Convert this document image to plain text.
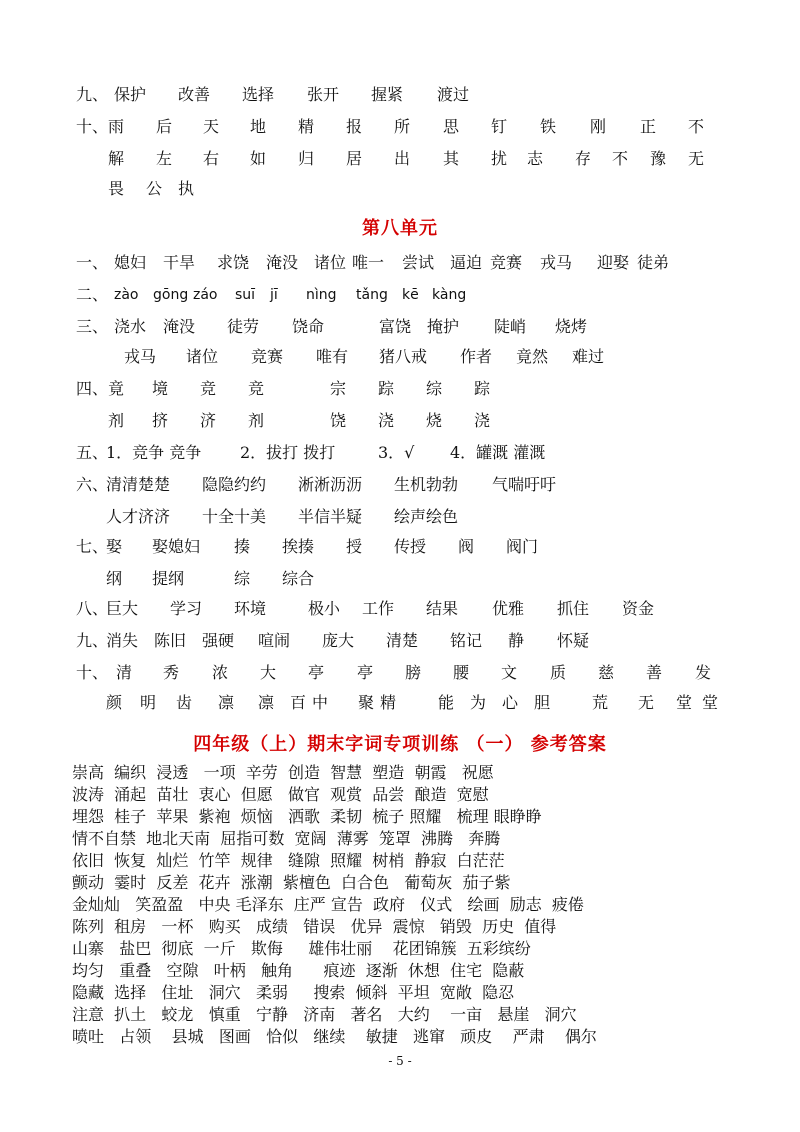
九、 保护 改善 选择 张开 握紧 渡过
十、 雨 后 天 地 精 报 所 思 钉 铁 刚 正 不
解 左 右 如 归 居 出 其 扰 志 存 不 豫 无
畏 公 执
第八单元
一、 媳妇 干旱 求饶 淹没 诸位 唯一 尝试 逼迫 竞赛 戎马 迎娶 徒弟
二、 zào gōng záo suī jī nìng tǎng kē kàng
三、 浇水 淹没 徒劳 饶命	富饶 掩护 陡峭 烧烤
戎马 诸位 竞赛 唯有 猪八戒 作者 竟然 难过
四、 竟 境 竞 竞	宗 踪 综 踪
剂 挤 济 剂	饶 浇 烧 浇
五、
1．竞争 竞争 2．拔打 拨打	3．√ 4．罐溉 灌溉
六、
清清楚楚 隐隐约约 淅淅沥沥 生机勃勃 气喘吁吁
人才济济 十全十美 半信半疑 绘声绘色
七、
娶 娶媳妇 揍 挨揍 授 传授 阀 阀门
纲 提纲	综 综合
八、
巨大 学习 环境	极小 工作 结果 优雅 抓住 资金
九、
消失 陈旧 强硬 喧闹 庞大 清楚 铭记 静 怀疑
十、 清 秀 浓 大 亭 亭 膀 腰 文 质 慈 善 发
颜 明 齿 凛 凛 百 中 聚 精	能 为 心 胆	荒 无 堂 堂
四年级（上）期末字词专项训练 （一） 参考答案
崇高  编织  浸透   一项  辛劳  创造  智慧  塑造  朝霞   祝愿
波涛  涌起  苗壮  衷心  但愿   做官  观赏  品尝  酿造  宽慰
埋怨  桂子  苹果  紫袍  烦恼   洒歌  柔韧  梳子 照耀   梳理 眼睁睁
情不自禁  地北天南  屈指可数  宽阔  薄雾  笼罩  沸腾   奔腾
依旧  恢复  灿烂  竹竿  规律   缝隙  照耀  树梢  静寂  白茫茫
颤动  霎时  反差  花卉  涨潮  紫檀色  白合色   葡萄灰  茄子紫
金灿灿   笑盈盈   中央 毛泽东  庄严 宣告  政府   仪式   绘画  励志  疲倦
陈列  租房   一杯   购买   成绩   错误   优异  震惊   销毁  历史  值得
山寨   盐巴  彻底  一斤   欺侮     雄伟壮丽    花团锦簇  五彩缤纷
均匀   重叠   空隙   叶柄   触角      痕迹  逐渐  休想  住宅  隐蔽
隐藏  选择   住址   洞穴   柔弱     搜索  倾斜  平坦  宽敞  隐忍
注意  扒土   蛟龙   慎重   宁静   济南   著名   大约    一亩   悬崖   洞穴
喷吐   占领    县城   图画   恰似   继续    敏捷   逃窜   顽皮    严肃    偶尔
- 5 -
